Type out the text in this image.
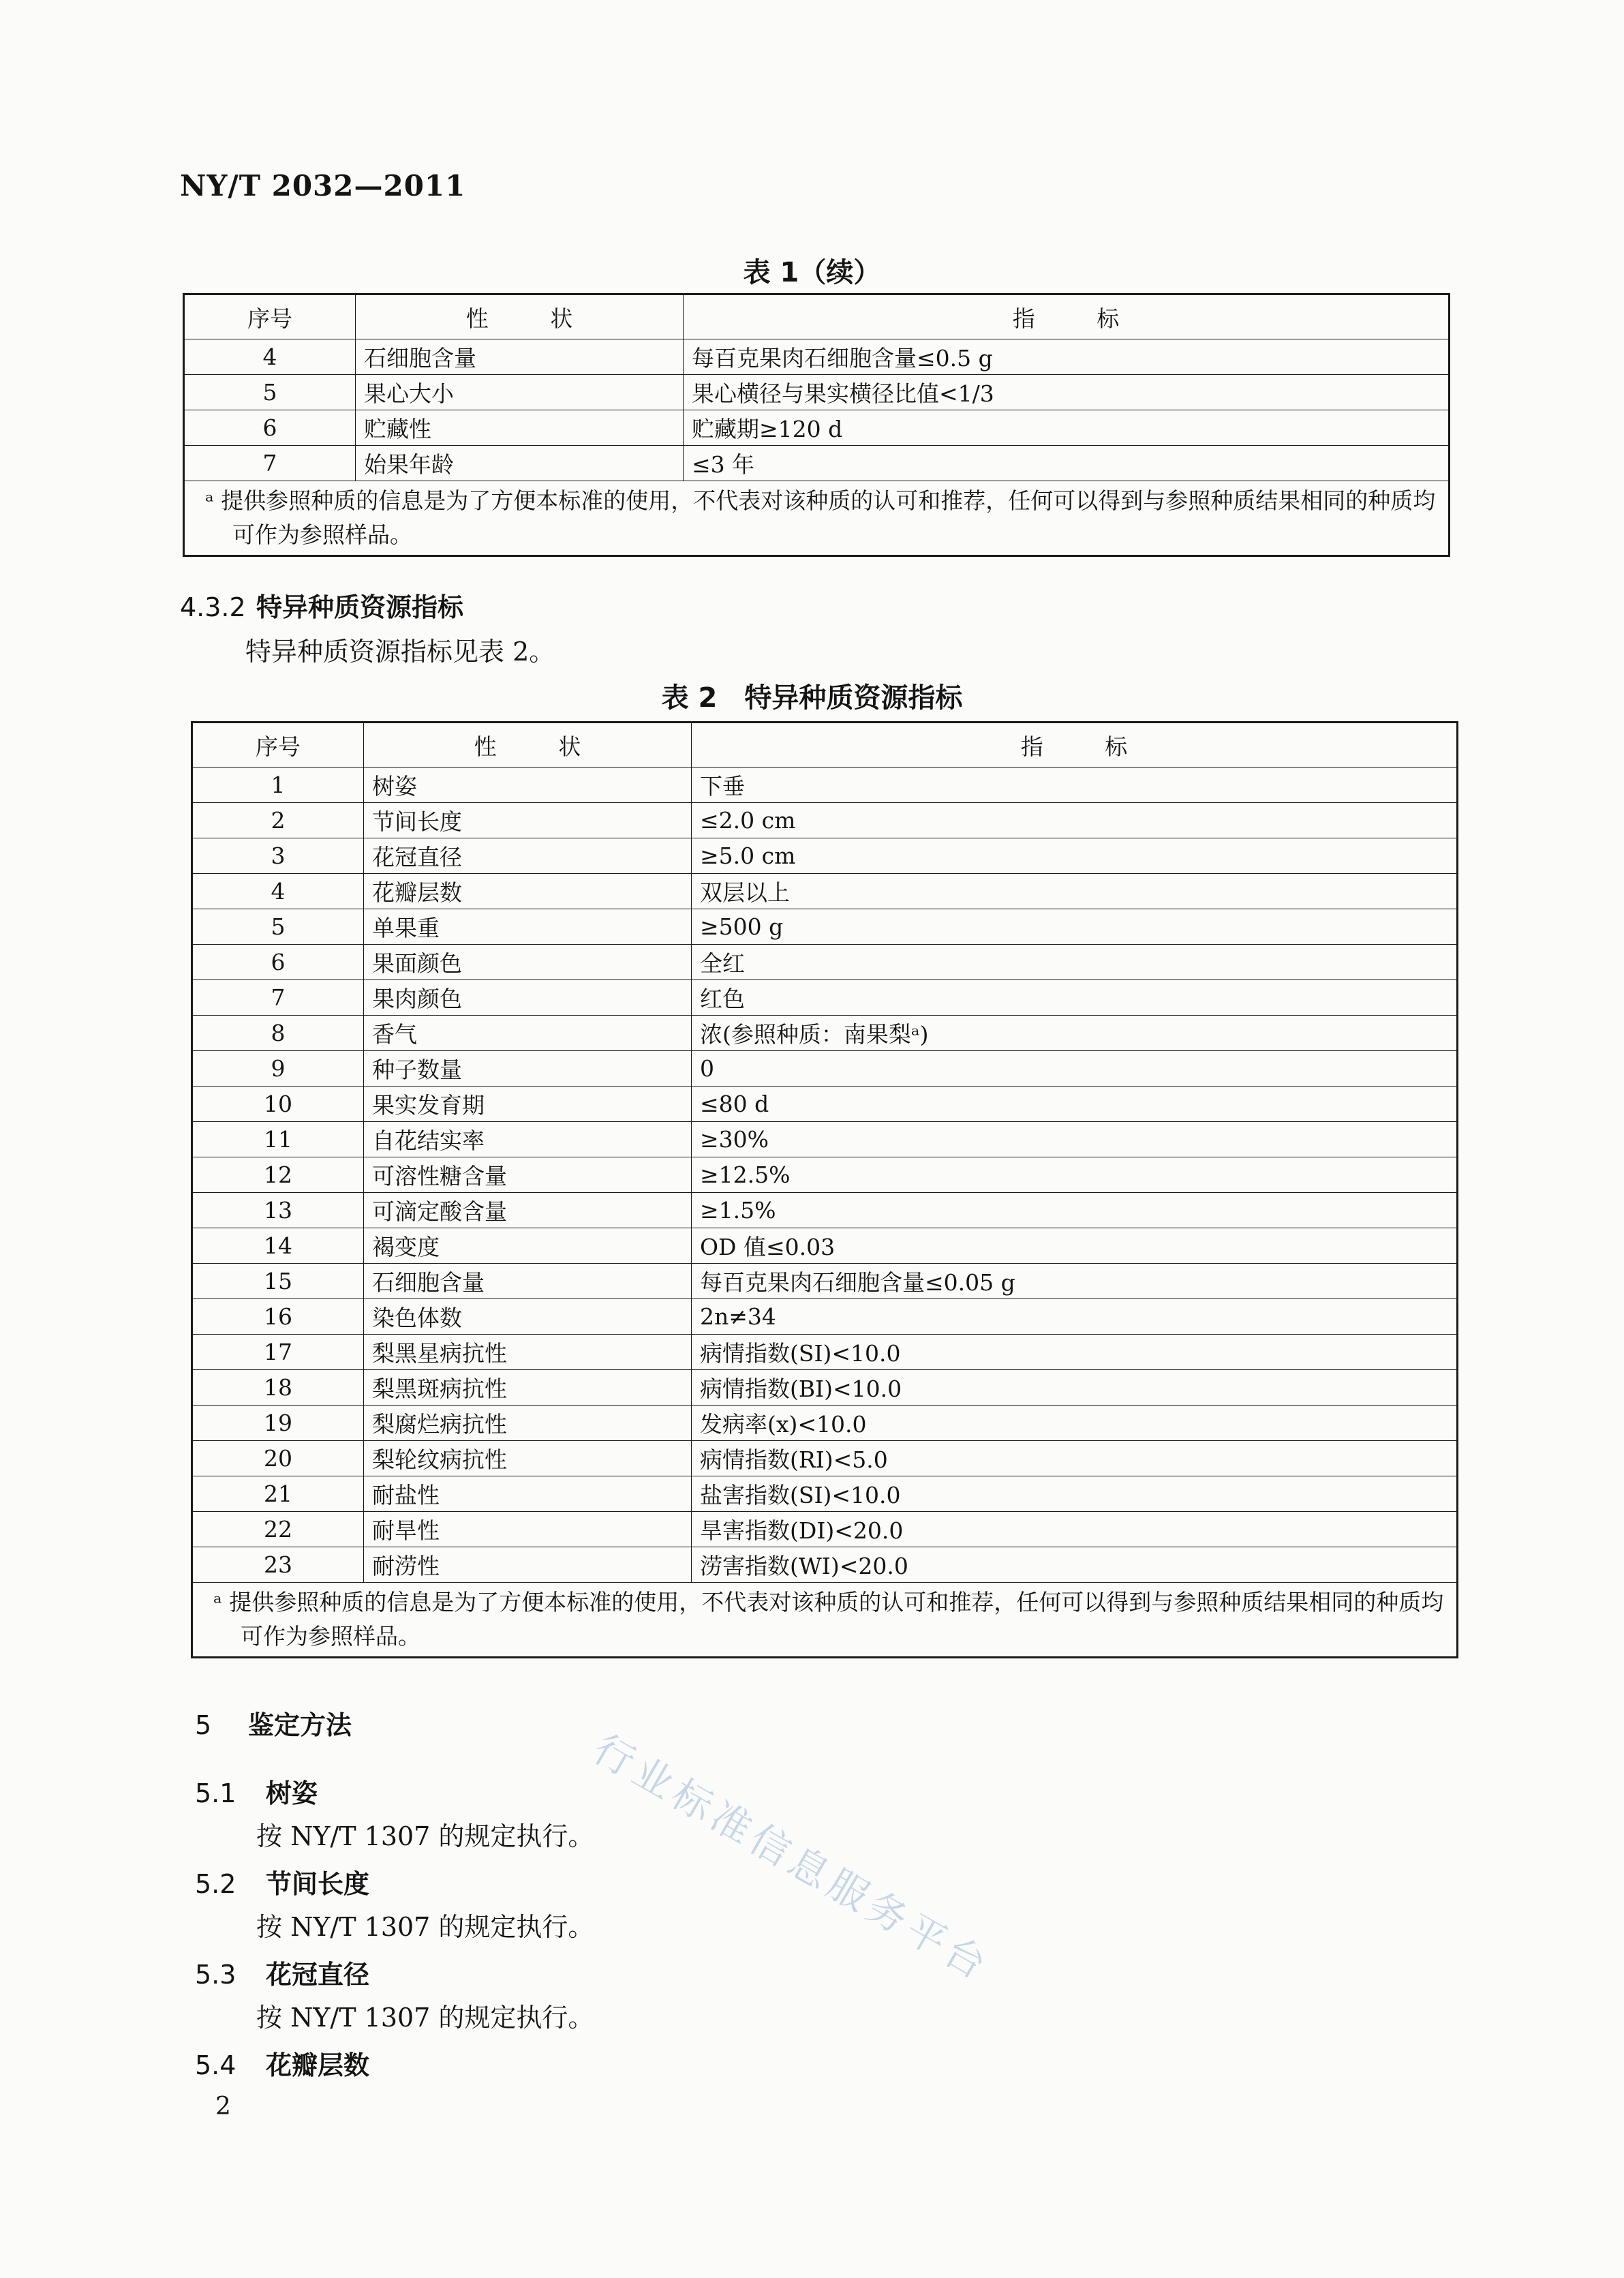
NY/T 2032—2011
表 1（续）
序号	性 状	指 标
4	石细胞含量	每百克果肉石细胞含量≤0.5 g
5	果心大小	果心横径与果实横径比值<1/3
6	贮藏性	贮藏期≥120 d
7	始果年龄	≤3 年
ᵃ 提供参照种质的信息是为了方便本标准的使用，不代表对该种质的认可和推荐，任何可以得到与参照种质结果相同的种质均可作为参照样品。		
4.3.2 特异种质资源指标
特异种质资源指标见表 2。
表 2　特异种质资源指标
序号	性 状	指 标
1	树姿	下垂
2	节间长度	≤2.0 cm
3	花冠直径	≥5.0 cm
4	花瓣层数	双层以上
5	单果重	≥500 g
6	果面颜色	全红
7	果肉颜色	红色
8	香气	浓(参照种质：南果梨ᵃ)
9	种子数量	0
10	果实发育期	≤80 d
11	自花结实率	≥30%
12	可溶性糖含量	≥12.5%
13	可滴定酸含量	≥1.5%
14	褐变度	OD 值≤0.03
15	石细胞含量	每百克果肉石细胞含量≤0.05 g
16	染色体数	2n≠34
17	梨黑星病抗性	病情指数(SI)<10.0
18	梨黑斑病抗性	病情指数(BI)<10.0
19	梨腐烂病抗性	发病率(x)<10.0
20	梨轮纹病抗性	病情指数(RI)<5.0
21	耐盐性	盐害指数(SI)<10.0
22	耐旱性	旱害指数(DI)<20.0
23	耐涝性	涝害指数(WI)<20.0
ᵃ 提供参照种质的信息是为了方便本标准的使用，不代表对该种质的认可和推荐，任何可以得到与参照种质结果相同的种质均可作为参照样品。		
5 鉴定方法
5.1 树姿
按 NY/T 1307 的规定执行。
5.2 节间长度
按 NY/T 1307 的规定执行。
5.3 花冠直径
按 NY/T 1307 的规定执行。
5.4 花瓣层数
行业标准信息服务平台
2
